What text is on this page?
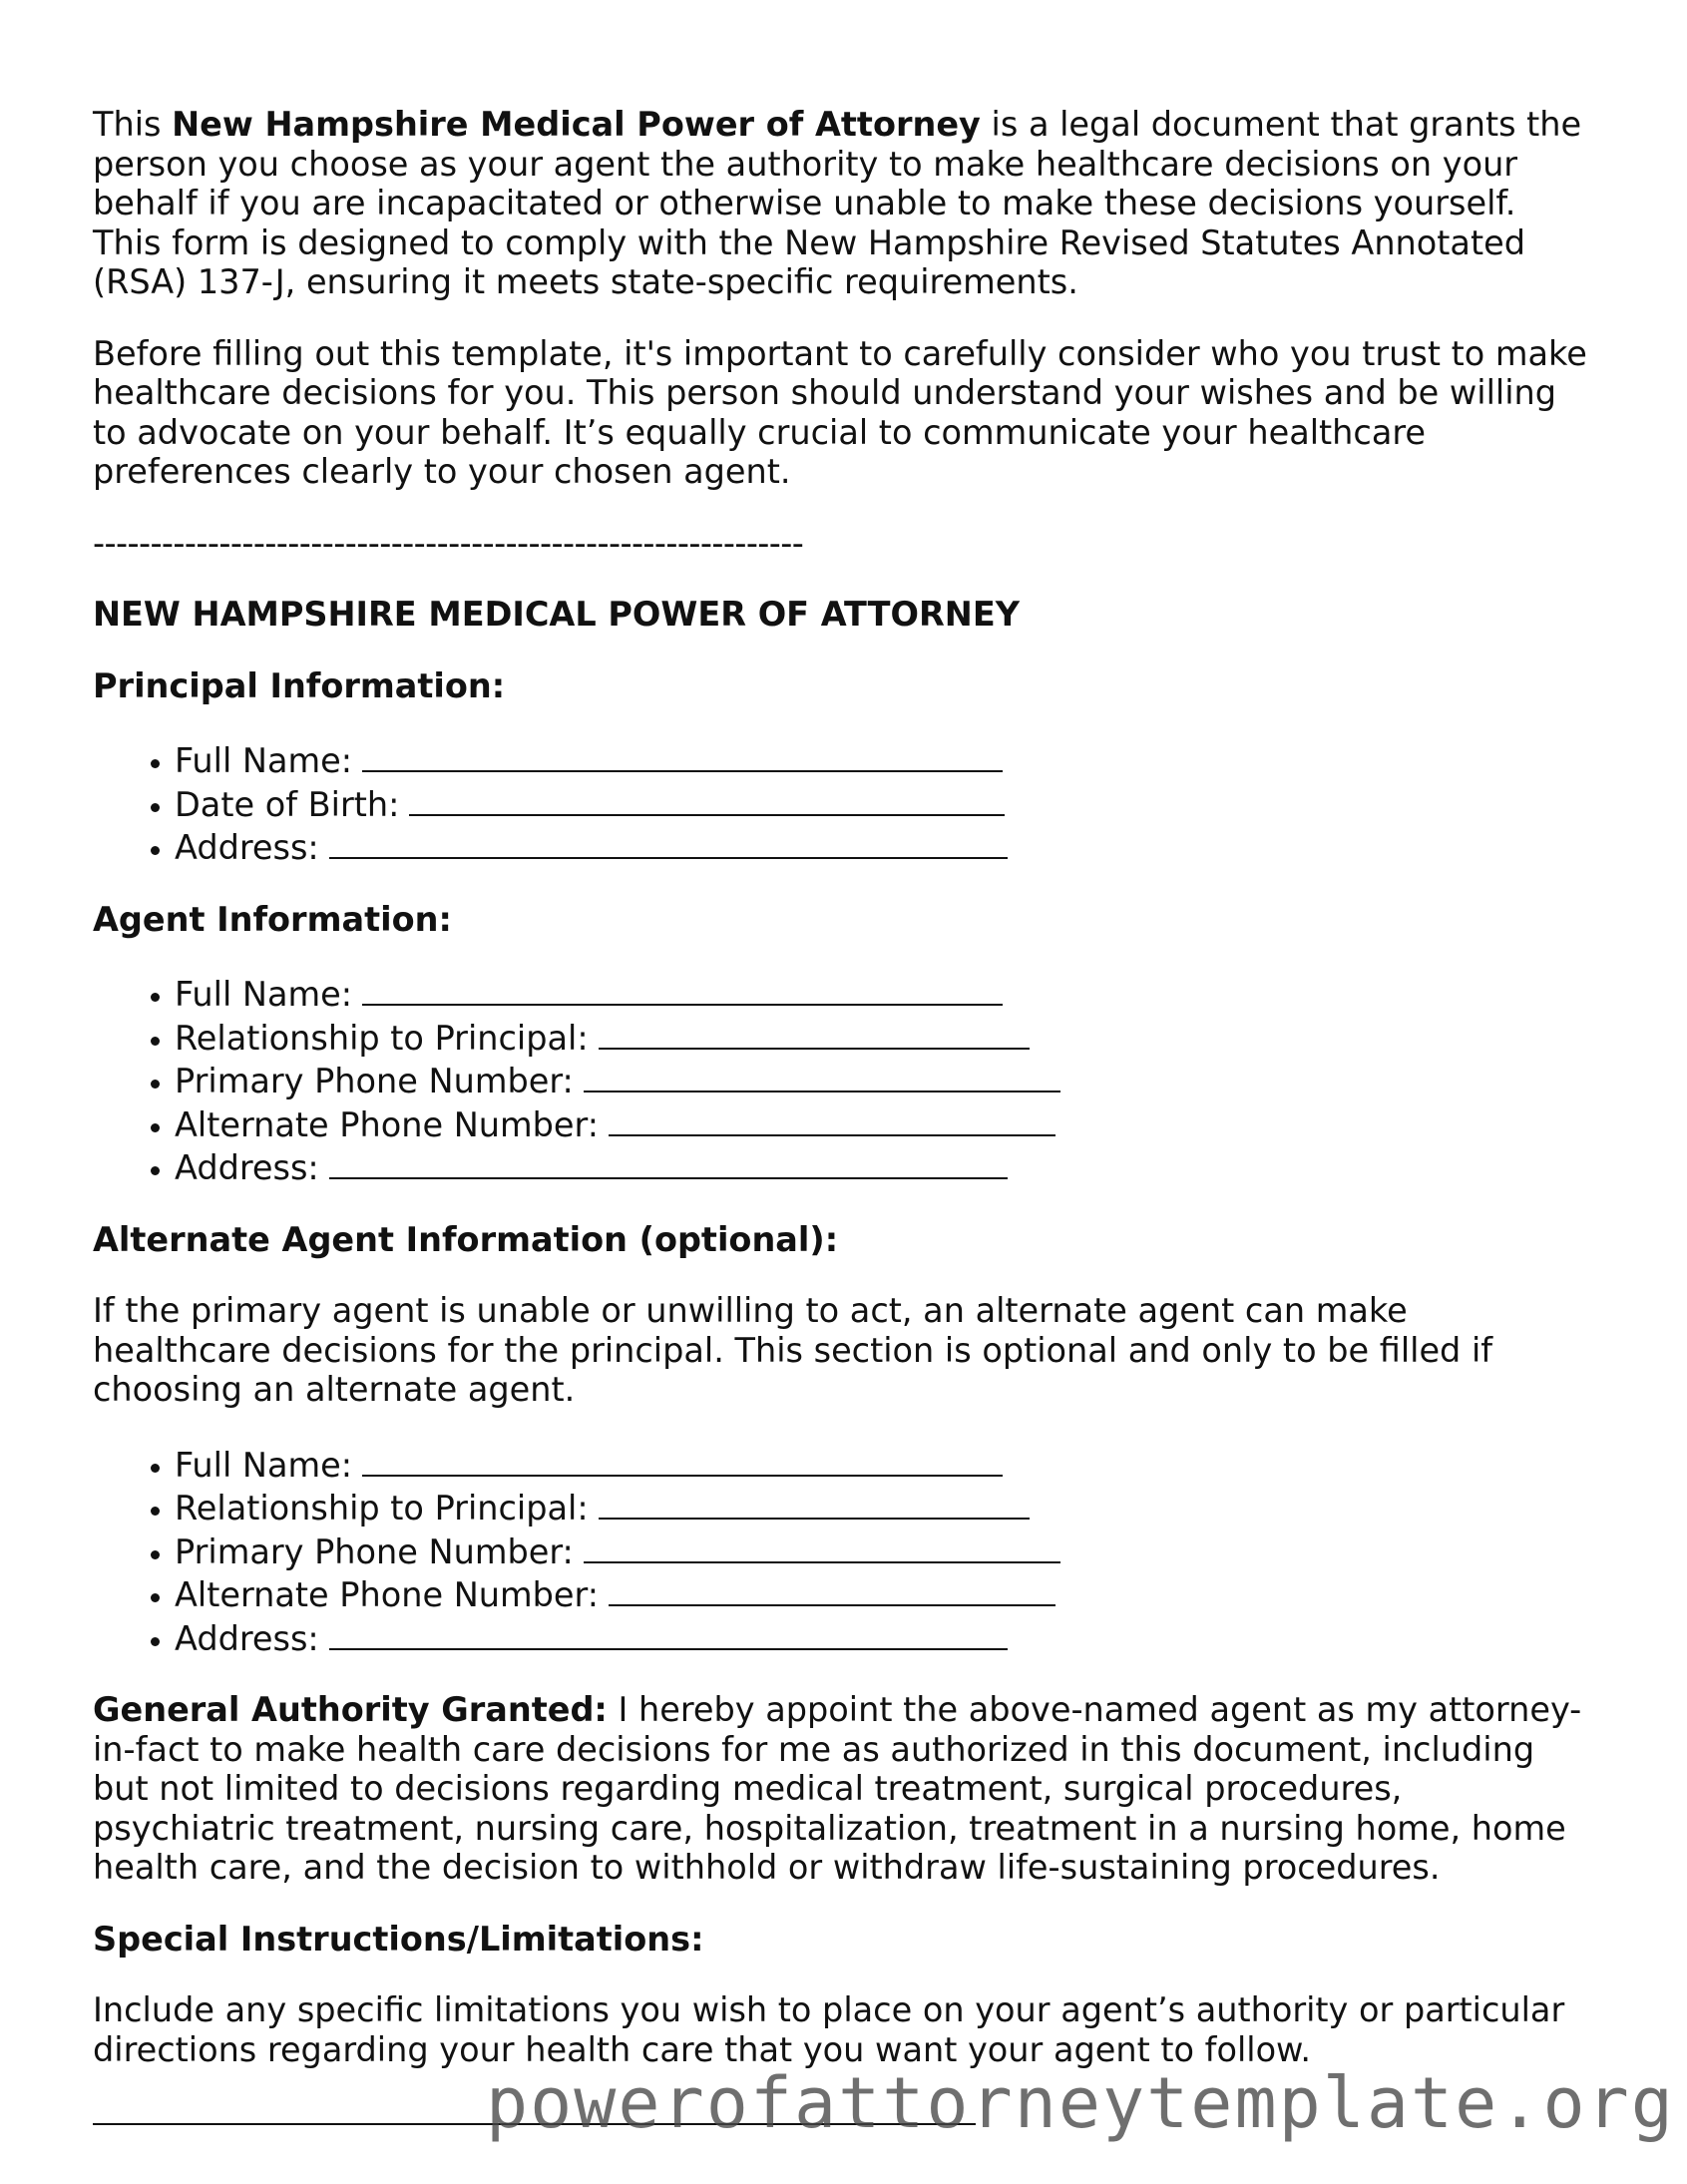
This New Hampshire Medical Power of Attorney is a legal document that grants the person you choose as your agent the authority to make healthcare decisions on your behalf if you are incapacitated or otherwise unable to make these decisions yourself. This form is designed to comply with the New Hampshire Revised Statutes Annotated (RSA) 137-J, ensuring it meets state-specific requirements.

Before filling out this template, it's important to carefully consider who you trust to make healthcare decisions for you. This person should understand your wishes and be willing to advocate on your behalf. It’s equally crucial to communicate your healthcare preferences clearly to your chosen agent.

--------------------------------------------------------------
NEW HAMPSHIRE MEDICAL POWER OF ATTORNEY
Principal Information:
• Full Name:
• Date of Birth:
• Address:
Agent Information:
• Full Name:
• Relationship to Principal:
• Primary Phone Number:
• Alternate Phone Number:
• Address:
Alternate Agent Information (optional):

If the primary agent is unable or unwilling to act, an alternate agent can make healthcare decisions for the principal. This section is optional and only to be filled if choosing an alternate agent.

• Full Name:
• Relationship to Principal:
• Primary Phone Number:
• Alternate Phone Number:
• Address:

General Authority Granted: I hereby appoint the above-named agent as my attorney-in-fact to make health care decisions for me as authorized in this document, including but not limited to decisions regarding medical treatment, surgical procedures, psychiatric treatment, nursing care, hospitalization, treatment in a nursing home, home health care, and the decision to withhold or withdraw life-sustaining procedures.

Special Instructions/Limitations:

Include any specific limitations you wish to place on your agent’s authority or particular directions regarding your health care that you want your agent to follow.

powerofattorneytemplate.org
